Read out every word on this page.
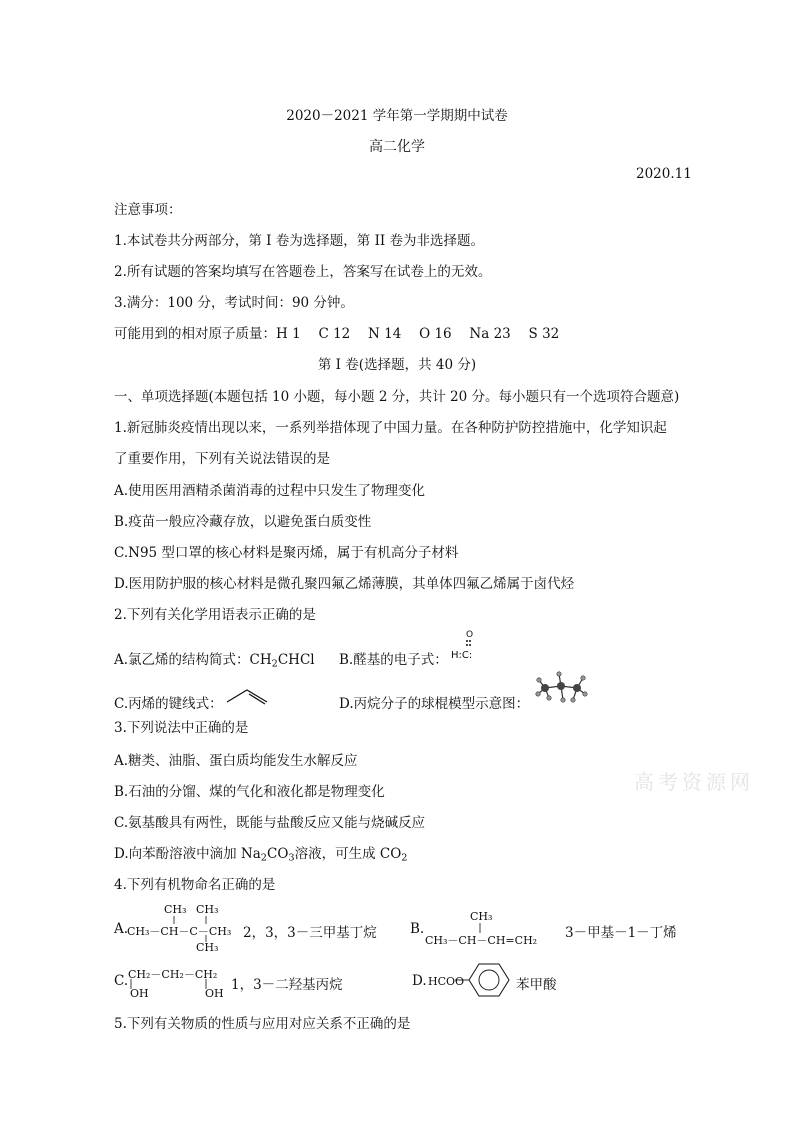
2020－2021 学年第一学期期中试卷
高二化学
2020.11
注意事项：
1.本试卷共分两部分，第 I 卷为选择题，第 II 卷为非选择题。
2.所有试题的答案均填写在答题卷上，答案写在试卷上的无效。
3.满分：100 分，考试时间：90 分钟。
可能用到的相对原子质量：H 1　 C 12　 N 14　 O 16　 Na 23　 S 32
第 I 卷(选择题，共 40 分)
一、单项选择题(本题包括 10 小题，每小题 2 分，共计 20 分。每小题只有一个选项符合题意)
1.新冠肺炎疫情出现以来，一系列举措体现了中国力量。在各种防护防控措施中，化学知识起
了重要作用，下列有关说法错误的是
A.使用医用酒精杀菌消毒的过程中只发生了物理变化
B.疫苗一般应冷藏存放，以避免蛋白质变性
C.N95 型口罩的核心材料是聚丙烯，属于有机高分子材料
D.医用防护服的核心材料是微孔聚四氟乙烯薄膜，其单体四氟乙烯属于卤代烃
2.下列有关化学用语表示正确的是
A.氯乙烯的结构简式：$CH_2CHCl$ B.醛基的电子式：
O
H:C:
C.丙烯的键线式：	D.丙烷分子的球棍模型示意图：
3.下列说法中正确的是
A.糖类、油脂、蛋白质均能发生水解反应
高考资源网
B.石油的分馏、煤的气化和液化都是物理变化
C.氨基酸具有两性，既能与盐酸反应又能与烧碱反应
D.向苯酚溶液中滴加 $Na_2CO_3$溶液，可生成 $CO_2$
4.下列有机物命名正确的是
A.
CH₃ CH₃
CH₃－CH－C－CH₃
CH₃
2，3，3－三甲基丁烷 B.
CH₃
CH₃－CH－CH=CH₂ 3－甲基－1－丁烯
C. CH₂－CH₂－CH₂
OH	OH
1，3－二羟基丙烷	D. HCOO	苯甲酸
5.下列有关物质的性质与应用对应关系不正确的是
